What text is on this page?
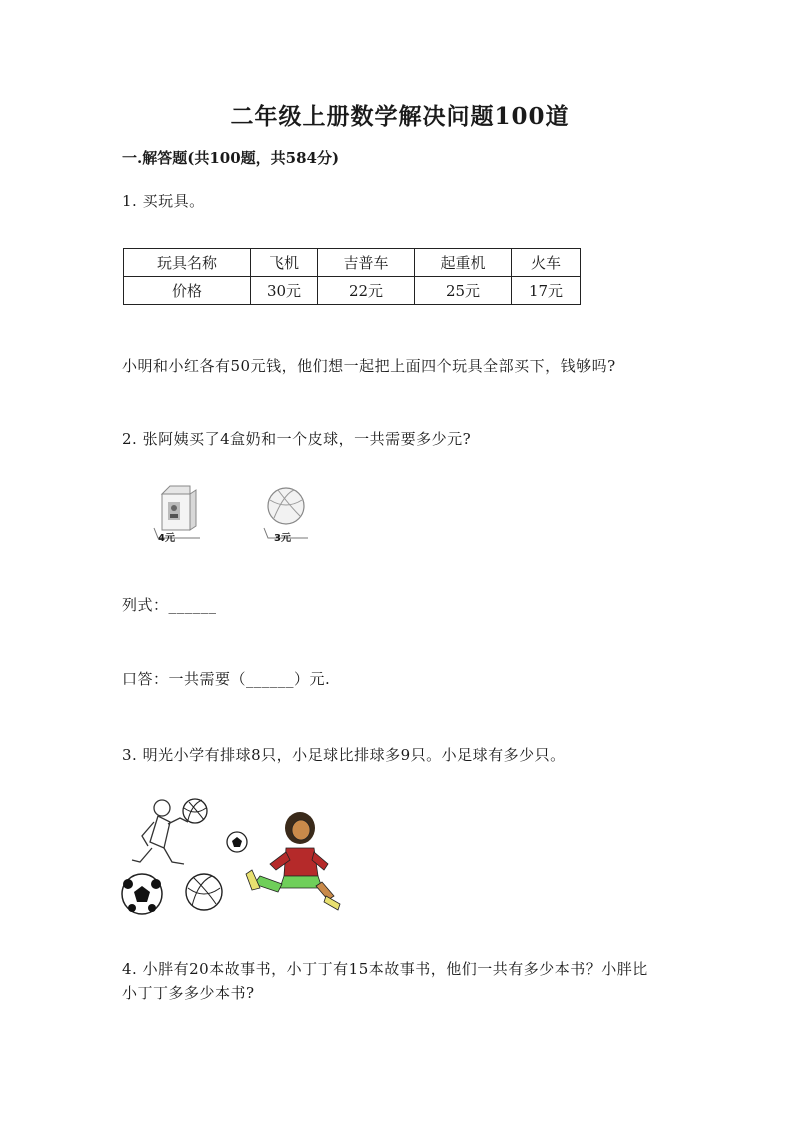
二年级上册数学解决问题100道
一.解答题(共100题，共584分)
1. 买玩具。
玩具名称	飞机	吉普车	起重机	火车
价格	30元	22元	25元	17元
小明和小红各有50元钱，他们想一起把上面四个玩具全部买下，钱够吗?
2. 张阿姨买了4盒奶和一个皮球，一共需要多少元?
4元	3元
列式：______
口答：一共需要（______）元.
3. 明光小学有排球8只，小足球比排球多9只。小足球有多少只。
4. 小胖有20本故事书，小丁丁有15本故事书，他们一共有多少本书？小胖比
小丁丁多多少本书?
